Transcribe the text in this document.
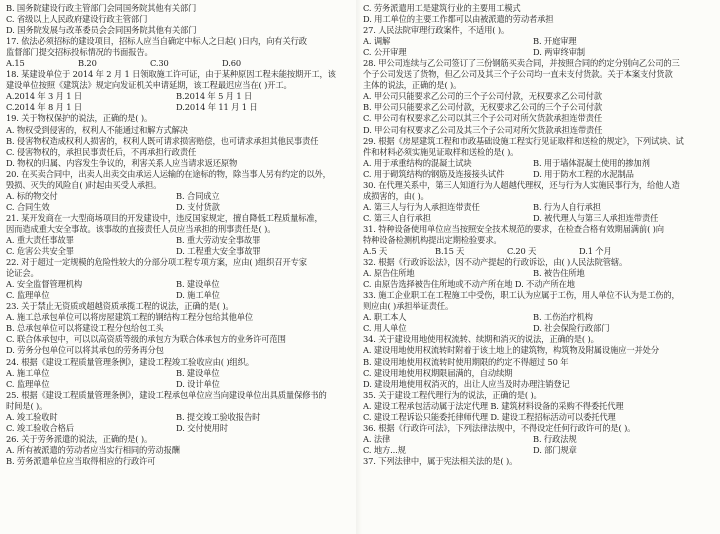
B. 国务院建设行政主管部门会同国务院其他有关部门
C. 省级以上人民政府建设行政主管部门
D. 国务院发展与改革委员会会同国务院其他有关部门
17. 依法必须招标的建设项目，招标人应当自确定中标人之日起( )日内，向有关行政
监督部门提交招标投标情况的书面报告。
A.15	B.20	C.30	D.60
18. 某建设单位于 2014 年 2 月 1 日领取施工许可证，由于某种原因工程未能按期开工，该
建设单位按照《建筑法》规定向发证机关申请延期，该工程最迟应当在( )开工。
A.2014 年 3 月 1 日	B.2014 年 5 月 1 日
C.2014 年 8 月 1 日	D.2014 年 11 月 1 日
19. 关于物权保护的说法，正确的是( )。
A. 物权受到侵害的，权利人不能通过和解方式解决
B. 侵害物权造成权利人损害的，权利人既可请求损害赔偿，也可请求承担其他民事责任
C. 侵害物权的，承担民事责任后，不再承担行政责任
D. 物权的归属、内容发生争议的，利害关系人应当请求返还原物
20. 在买卖合同中，出卖人出卖交由承运人运输的在途标的物，除当事人另有约定的以外，
毁损、灭失的风险自( )时起由买受人承担。
A. 标的物交付	B. 合同成立
C. 合同生效	D. 支付货款
21. 某开发商在一大型商场项目的开发建设中，违反国家规定，擅自降低工程质量标准，
因而造成重大安全事故。该事故的直接责任人员应当承担的刑事责任是( )。
A. 重大责任事故罪	B. 重大劳动安全事故罪
C. 危害公共安全罪	D. 工程重大安全事故罪
22. 对于超过一定规模的危险性较大的分部分项工程专项方案，应由( )组织召开专家
论证会。
A. 安全监督管理机构	B. 建设单位
C. 监理单位	D. 施工单位
23. 关于禁止无资质或超越资质承揽工程的说法，正确的是( )。
A. 施工总承包单位可以将房屋建筑工程的钢结构工程分包给其他单位
B. 总承包单位可以将建设工程分包给包工头
C. 联合体承包中，可以以高资质等级的承包方为联合体承包方的业务许可范围
D. 劳务分包单位可以将其承包的劳务再分包
24. 根据《建设工程质量管理条例》，建设工程竣工验收应由( )组织。
A. 施工单位	B. 建设单位
C. 监理单位	D. 设计单位
25. 根据《建设工程质量管理条例》，建设工程承包单位应当向建设单位出具质量保修书的
时间是( )。
A. 竣工验收时	B. 提交竣工验收报告时
C. 竣工验收合格后	D. 交付使用时
26. 关于劳务派遣的说法，正确的是( )。
A. 所有被派遣的劳动者应当实行相同的劳动报酬
B. 劳务派遣单位应当取得相应的行政许可
C. 劳务派遣用工是建筑行业的主要用工模式
D. 用工单位的主要工作都可以由被派遣的劳动者承担
27. 人民法院审理行政案件，不适用( )。
A. 调解	B. 开庭审理
C. 公开审理	D. 两审终审制
28. 甲公司连续与乙公司签订了三份钢筋买卖合同，并按照合同的约定分别向乙公司的三
个子公司发送了货物，但乙公司及其三个子公司均一直未支付货款。关于本案支付货款
主体的说法，正确的是( )。
A. 甲公司只能要求乙公司的三个子公司付款，无权要求乙公司付款
B. 甲公司只能要求乙公司付款，无权要求乙公司的三个子公司付款
C. 甲公司有权要求乙公司以其三个子公司对所欠货款承担连带责任
D. 甲公司有权要求乙公司及其三个子公司对所欠货款承担连带责任
29. 根据《房屋建筑工程和市政基础设施工程实行见证取样和送检的规定》，下列试块、试
件和材料必须实施见证取样和送检的是( )。
A. 用于承重结构的混凝土试块	B. 用于墙体混凝土使用的掺加剂
C. 用于砌筑结构的钢筋及连接接头试件	D. 用于防水工程的水泥制品
30. 在代理关系中，第三人知道行为人超越代理权，还与行为人实施民事行为，给他人造
成损害的，由( )。
A. 第三人与行为人承担连带责任	B. 行为人自行承担
C. 第三人自行承担	D. 被代理人与第三人承担连带责任
31. 特种设备使用单位应当按照安全技术规范的要求，在检查合格有效期届满前( )向
特种设备检测机构提出定期检验要求。
A.5 天	B.15 天	C.20 天	D.1 个月
32. 根据《行政诉讼法》，因不动产提起的行政诉讼，由( )人民法院管辖。
A. 原告住所地	B. 被告住所地
C. 由原告选择被告住所地或不动产所在地 D. 不动产所在地
33. 施工企业职工在工程施工中受伤，职工认为应属于工伤，用人单位不认为是工伤的，
则应由( )承担举证责任。
A. 职工本人	B. 工伤治疗机构
C. 用人单位	D. 社会保险行政部门
34. 关于建设用地使用权流转、续期和消灭的说法，正确的是( )。
A. 建设用地使用权流转时附着于该土地上的建筑物，构筑物及附属设施应一并处分
B. 建设用地使用权流转时使用期限的约定不得超过 50 年
C. 建设用地使用权期限届满的，自动续期
D. 建设用地使用权消灭的，出让人应当及时办理注销登记
35. 关于建设工程代理行为的说法，正确的是( )。
A. 建设工程承包活动属于法定代理 B. 建筑材料设备的采购不得委托代理
C. 建设工程诉讼只能委托律师代理 D. 建设工程招标活动可以委托代理
36. 根据《行政许可法》，下列法律法规中，不得设定任何行政许可的是( )。
A. 法律	B. 行政法规
C. 地方...规	D. 部门规章
37. 下列法律中，属于宪法相关法的是( )。
